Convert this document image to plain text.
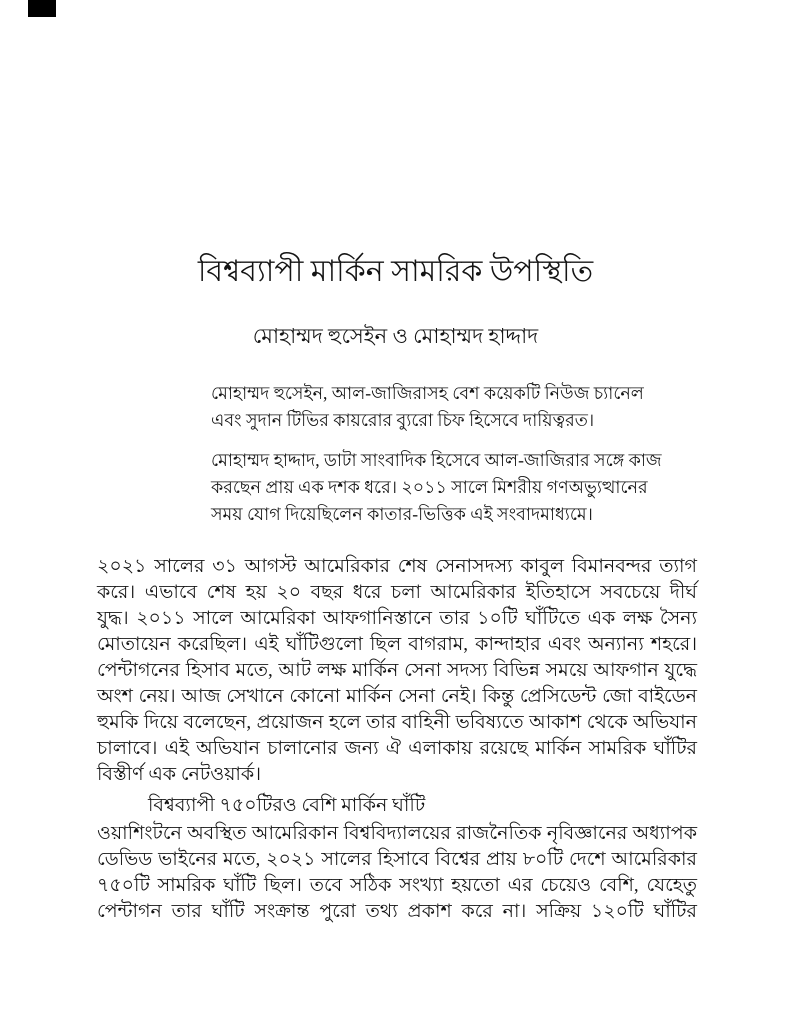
বিশ্বব্যাপী মার্কিন সামরিক উপস্থিতি
মোহাম্মদ হুসেইন ও মোহাম্মদ হাদ্দাদ

মোহাম্মদ হুসেইন, আল-জাজিরাসহ বেশ কয়েকটি নিউজ চ্যানেল
এবং সুদান টিভির কায়রোর ব্যুরো চিফ হিসেবে দায়িত্বরত।

মোহাম্মদ হাদ্দাদ, ডাটা সাংবাদিক হিসেবে আল-জাজিরার সঙ্গে কাজ
করছেন প্রায় এক দশক ধরে। ২০১১ সালে মিশরীয় গণঅভ্যুত্থানের
সময় যোগ দিয়েছিলেন কাতার-ভিত্তিক এই সংবাদমাধ্যমে।

২০২১ সালের ৩১ আগস্ট আমেরিকার শেষ সেনাসদস্য কাবুল বিমানবন্দর ত্যাগ
করে। এভাবে শেষ হয় ২০ বছর ধরে চলা আমেরিকার ইতিহাসে সবচেয়ে দীর্ঘ
যুদ্ধ। ২০১১ সালে আমেরিকা আফগানিস্তানে তার ১০টি ঘাঁটিতে এক লক্ষ সৈন্য
মোতায়েন করেছিল। এই ঘাঁটিগুলো ছিল বাগরাম, কান্দাহার এবং অন্যান্য শহরে।
পেন্টাগনের হিসাব মতে, আট লক্ষ মার্কিন সেনা সদস্য বিভিন্ন সময়ে আফগান যুদ্ধে
অংশ নেয়। আজ সেখানে কোনো মার্কিন সেনা নেই। কিন্তু প্রেসিডেন্ট জো বাইডেন
হুমকি দিয়ে বলেছেন, প্রয়োজন হলে তার বাহিনী ভবিষ্যতে আকাশ থেকে অভিযান
চালাবে। এই অভিযান চালানোর জন্য ঐ এলাকায় রয়েছে মার্কিন সামরিক ঘাঁটির
বিস্তীর্ণ এক নেটওয়ার্ক।

বিশ্বব্যাপী ৭৫০টিরও বেশি মার্কিন ঘাঁটি

ওয়াশিংটনে অবস্থিত আমেরিকান বিশ্ববিদ্যালয়ের রাজনৈতিক নৃবিজ্ঞানের অধ্যাপক
ডেভিড ভাইনের মতে, ২০২১ সালের হিসাবে বিশ্বের প্রায় ৮০টি দেশে আমেরিকার
৭৫০টি সামরিক ঘাঁটি ছিল। তবে সঠিক সংখ্যা হয়তো এর চেয়েও বেশি, যেহেতু
পেন্টাগন তার ঘাঁটি সংক্রান্ত পুরো তথ্য প্রকাশ করে না। সক্রিয় ১২০টি ঘাঁটির
